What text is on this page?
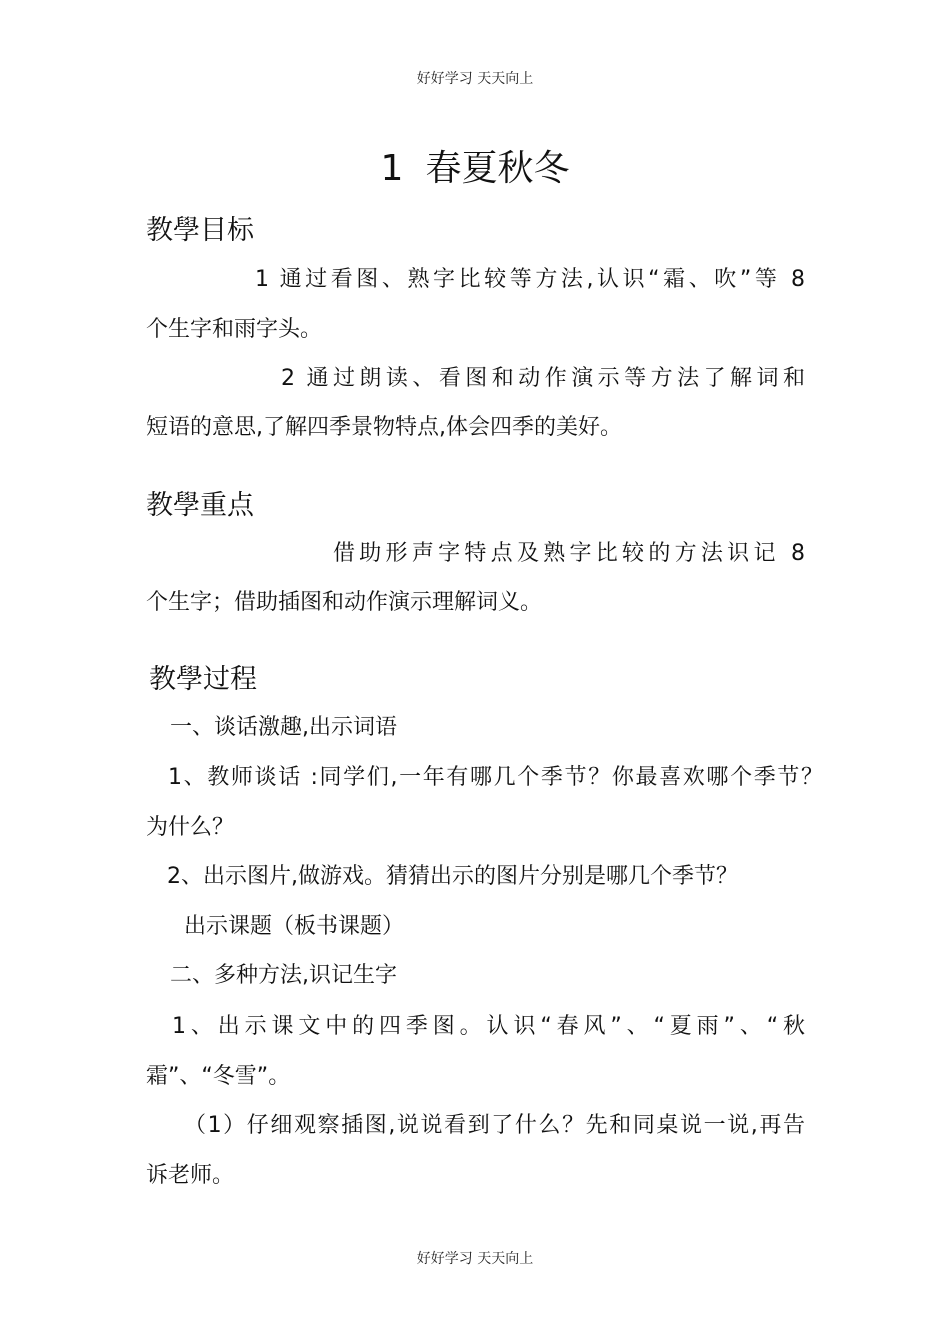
好好学习 天天向上
1 春夏秋冬
教學目标
1 通过看图、熟字比较等方法,认识“霜、吹”等 8
个生字和雨字头。
2 通过朗读、看图和动作演示等方法了解词和
短语的意思,了解四季景物特点,体会四季的美好。
教學重点
借助形声字特点及熟字比较的方法识记 8
个生字；借助插图和动作演示理解词义。
教學过程
一、谈话激趣,出示词语
1、教师谈话 :同学们,一年有哪几个季节？你最喜欢哪个季节？
为什么？
2、出示图片,做游戏。猜猜出示的图片分别是哪几个季节？
出示课题（板书课题）
二、多种方法,识记生字
1、出示课文中的四季图。认识“春风”、“夏雨”、“秋
霜”、“冬雪”。
（1）仔细观察插图,说说看到了什么？先和同桌说一说,再告
诉老师。
好好学习 天天向上
